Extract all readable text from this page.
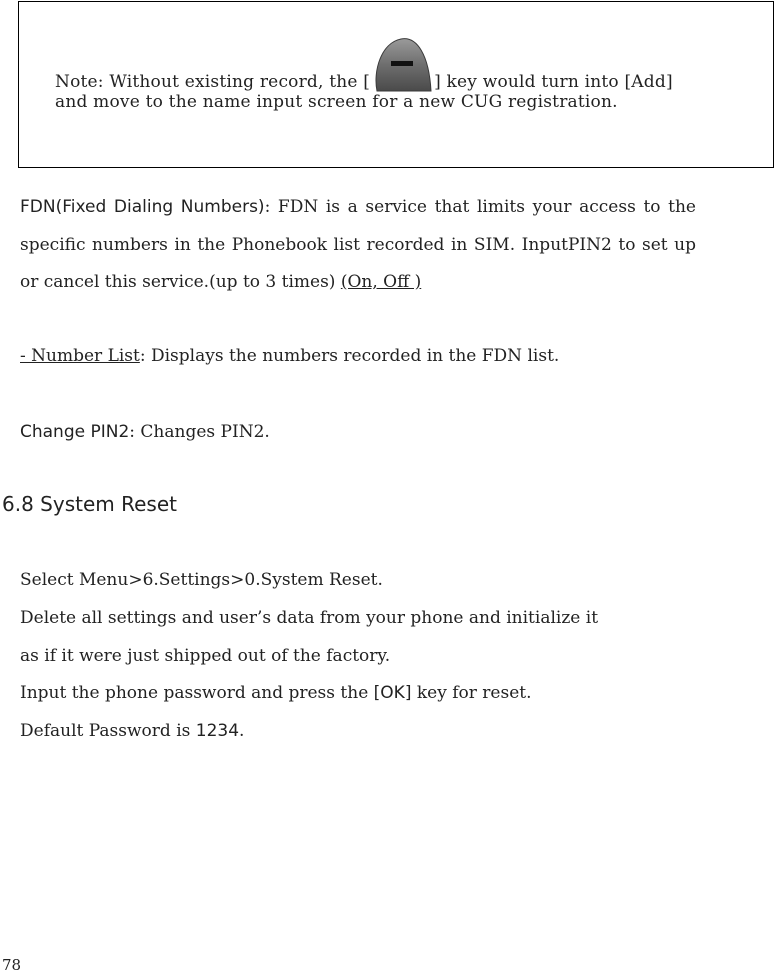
Note: Without existing record, the [	] key would turn into [Add]
and move to the name input screen for a new CUG registration.
FDN(Fixed Dialing Numbers): FDN is a service that limits your access to the specific numbers in the Phonebook list recorded in SIM. InputPIN2 to set up or cancel this service.(up to 3 times) (On, Off )
- Number List: Displays the numbers recorded in the FDN list.
Change PIN2: Changes PIN2.
6.8 System Reset
Select Menu>6.Settings>0.System Reset.
Delete all settings and user’s data from your phone and initialize it
as if it were just shipped out of the factory.
Input the phone password and press the [OK] key for reset.
Default Password is 1234.
78
